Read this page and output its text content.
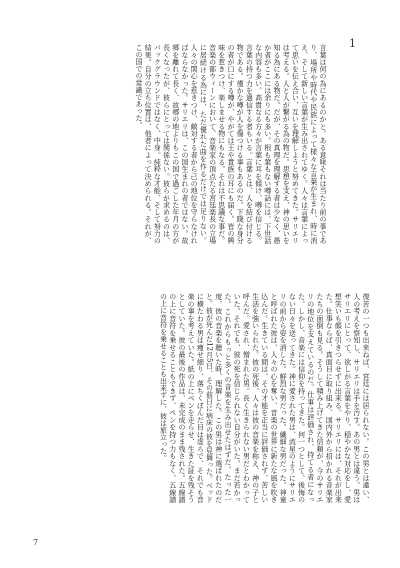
1
言葉は何の為にあるのかと。ある意味それは当たり前の事であり、場所や時代や民族によって様々な言葉が生まれ、時に消え、そして新しい言葉が生み出されてゆく。人々は言葉によって思いを伝え合い、互いを理解しようと努めてきた。サリエリは考える。人と人が繋がる為の物だ。思想を支え、神の思いを知る為にある物だ。だが、その真理を理解する者は少なく、愚か者がここには余りにも多い。根も葉もない噂話には、下世話な内容も多い。高貴なる方々が言葉に耳を傾け、噂を信じる。言葉の持つ力を過信する者もいる。言葉とは、人を結び付ける物である。僅かな噂が人を傷つける事もあるのだ。下賤な身分の者が口にする噂が、やがては王や貴族の耳にも届く。皆の興味を惹きつけ、楽しませる物にもなる。それは不思議な事だ。音楽の都ウィーンにおいて、音楽家の頂点たる宮廷楽長の立場に居続ける為には、ただ優れた曲を作るだけでは足りない。人々の関心を惹きつけ、敵対する者から己の地位を守らなければならなかった。サリエリは、この国生まれの者ではない。故郷を離れて長く、故郷の地よりもこの国で過ごした年月の方が長くなったが、彼らにとっては関係ない。彼らが求めるのは、バックグラウンドではなく、中身。純粋な才能、そして努力の結果。自分の立ち位置は、他者によって決められる。それが、この国での常識であった。
復苦の一つも出来ねば、宮廷には居られない。この男とは違い、人の考えを察知し、サリエリは手を汚す。あの男とは違う。男はサリエリにとって、欲しがる言葉をやり、穏やかな対応をし、愛想笑いも顔を引きつらせずに出来る。サリエリには、それが出来た。仕事ならば、真面目に取り組み、国内外から招かれる音楽家たちの面倒も見る。そうして積み上げてきた信頼が、今のサリエリの地位を支えているのだ。仕事は評価され、持てる者になった。しかし、音楽には信仰を持ってきた。何一つとして、後悔のない日々を送ってきた。神に愛された男は、流星のようにサリエリの前から姿を消した。鮮烈な男だった。繊細な男だった。神童と呼ばれた彼は、人々の心を奪い、音楽の世界に新たな風を吹き込んだ。生きている間は、その才能を正当に評価されず、苦しい生活を強いられた。彼の死後、人々は彼の音楽を称え、神の子と呼んだ。愛され、憎まれた男。長く生きられない男だとわかっていた。それでも、彼の死を信じられない自分がいた。まだ若かった。これからもっと多くの音楽を生み出せたはずだ。たった一度、彼の音楽を聴いた時、理解した。この男は神に選ばれたのだと。彼が死んだ12月5日、その前日に病床の彼を見舞った。ベッドに横たわる男は痩せ細り、落ちくぼんだ目は虚ろで、それでも音楽の事を考えていた。紙の上にペンを走らせ、生きた証を残そうとしていた。彼の最後の作品は、未完成のまま残された。五線譜の上に音符を乗せることもできず、ペンを持つ力もなく、五線譜の上に音符を乗せることも出来ずに、彼は旅立った。
7
